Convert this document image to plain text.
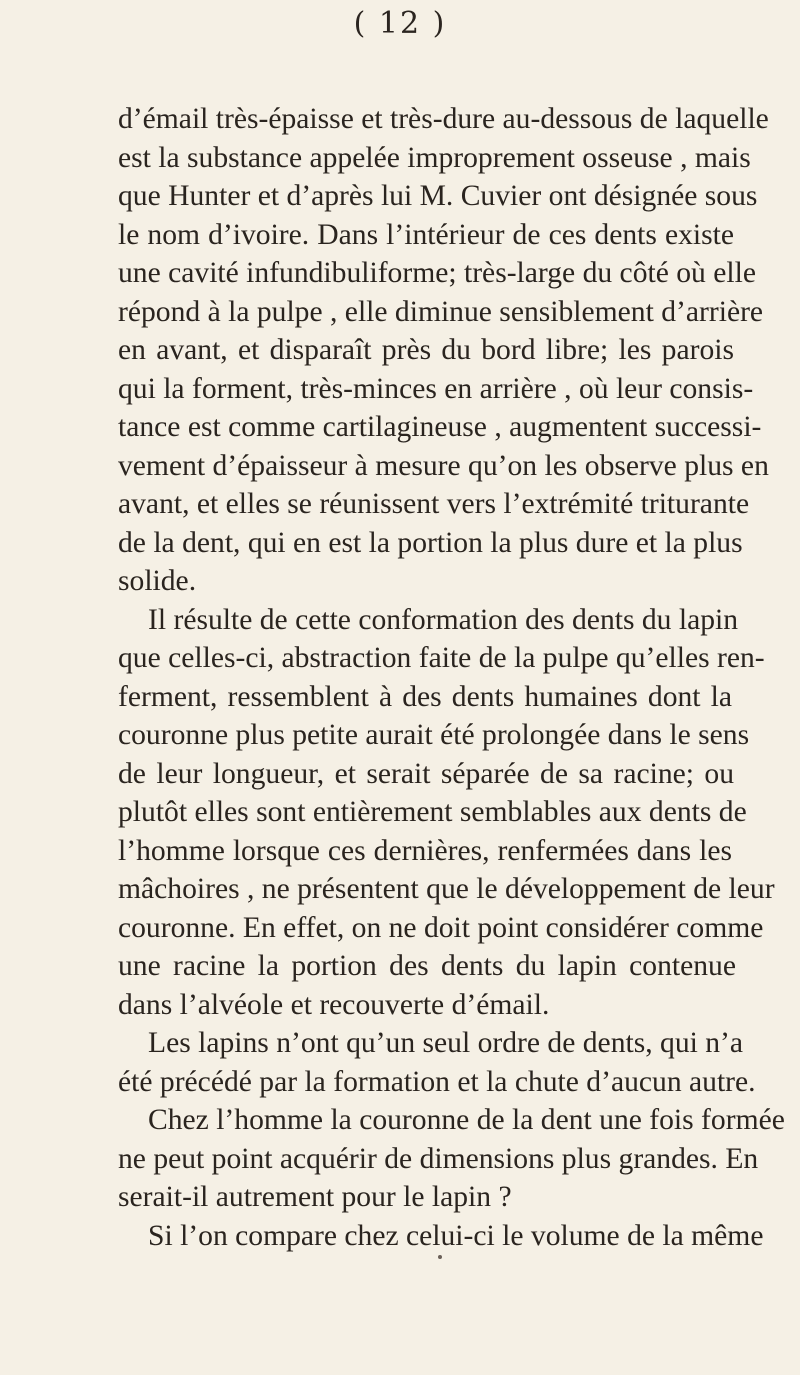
( 12 )
d’émail très-épaisse et très-dure au-dessous de laquelle
est la substance appelée improprement osseuse , mais
que Hunter et d’après lui M. Cuvier ont désignée sous
le nom d’ivoire. Dans l’intérieur de ces dents existe
une cavité infundibuliforme; très-large du côté où elle
répond à la pulpe , elle diminue sensiblement d’arrière
en avant, et disparaît près du bord libre; les parois
qui la forment, très-minces en arrière , où leur consis-
tance est comme cartilagineuse , augmentent successi-
vement d’épaisseur à mesure qu’on les observe plus en
avant, et elles se réunissent vers l’extrémité triturante
de la dent, qui en est la portion la plus dure et la plus
solide.
Il résulte de cette conformation des dents du lapin
que celles-ci, abstraction faite de la pulpe qu’elles ren-
ferment, ressemblent à des dents humaines dont la
couronne plus petite aurait été prolongée dans le sens
de leur longueur, et serait séparée de sa racine; ou
plutôt elles sont entièrement semblables aux dents de
l’homme lorsque ces dernières, renfermées dans les
mâchoires , ne présentent que le développement de leur
couronne. En effet, on ne doit point considérer comme
une racine la portion des dents du lapin contenue
dans l’alvéole et recouverte d’émail.
Les lapins n’ont qu’un seul ordre de dents, qui n’a
été précédé par la formation et la chute d’aucun autre.
Chez l’homme la couronne de la dent une fois formée
ne peut point acquérir de dimensions plus grandes. En
serait-il autrement pour le lapin ?
Si l’on compare chez celui-ci le volume de la même
